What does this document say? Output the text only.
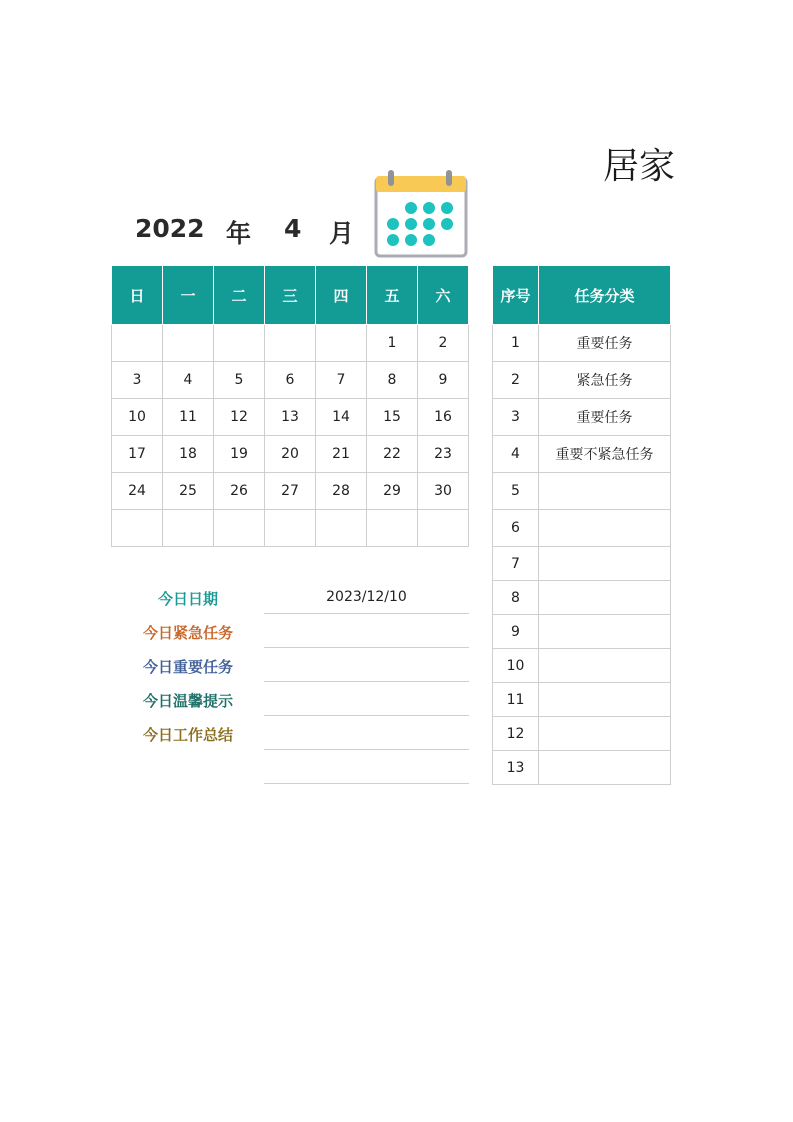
居家
2022 年 4 月
日	一	二	三	四	五	六
					1	2
3	4	5	6	7	8	9
10	11	12	13	14	15	16
17	18	19	20	21	22	23
24	25	26	27	28	29	30

序号	任务分类
1	重要任务
2	紧急任务
3	重要任务
4	重要不紧急任务
5	
6	
7	
8	
9	
10	
11	
12	
13	
今日日期	2023/12/10
今日紧急任务
今日重要任务
今日温馨提示
今日工作总结
